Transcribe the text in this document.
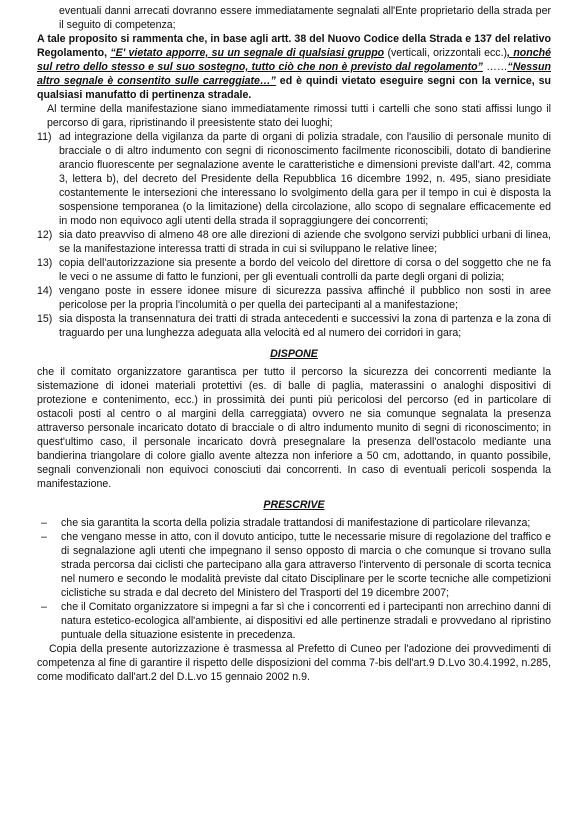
eventuali danni arrecati dovranno essere immediatamente segnalati all'Ente proprietario della strada per il seguito di competenza;

A tale proposito si rammenta che, in base agli artt. 38 del Nuovo Codice della Strada e 137 del relativo Regolamento, “E' vietato apporre, su un segnale di qualsiasi gruppo (verticali, orizzontali ecc.), nonché sul retro dello stesso e sul suo sostegno, tutto ciò che non è previsto dal regolamento” ……“Nessun altro segnale è consentito sulle carreggiate…” ed è quindi vietato eseguire segni con la vernice, su qualsiasi manufatto di pertinenza stradale.

Al termine della manifestazione siano immediatamente rimossi tutti i cartelli che sono stati affissi lungo il percorso di gara, ripristinando il preesistente stato dei luoghi;

11) ad integrazione della vigilanza da parte di organi di polizia stradale, con l'ausilio di personale munito di bracciale o di altro indumento con segni di riconoscimento facilmente riconoscibili, dotato di bandierine arancio fluorescente per segnalazione avente le caratteristiche e dimensioni previste dall'art. 42, comma 3, lettera b), del decreto del Presidente della Repubblica 16 dicembre 1992, n. 495, siano presidiate costantemente le intersezioni che interessano lo svolgimento della gara per il tempo in cui è disposta la sospensione temporanea (o la limitazione) della circolazione, allo scopo di segnalare efficacemente ed in modo non equivoco agli utenti della strada il sopraggiungere dei concorrenti;
12) sia dato preavviso di almeno 48 ore alle direzioni di aziende che svolgono servizi pubblici urbani di linea, se la manifestazione interessa tratti di strada in cui si sviluppano le relative linee;
13) copia dell'autorizzazione sia presente a bordo del veicolo del direttore di corsa o del soggetto che ne fa le veci o ne assume di fatto le funzioni, per gli eventuali controlli da parte degli organi di polizia;
14) vengano poste in essere idonee misure di sicurezza passiva affinché il pubblico non sosti in aree pericolose per la propria l'incolumità o per quella dei partecipanti al a manifestazione;
15) sia disposta la transennatura dei tratti di strada antecedenti e successivi la zona di partenza e la zona di traguardo per una lunghezza adeguata alla velocità ed al numero dei corridori in gara;
DISPONE

che il comitato organizzatore garantisca per tutto il percorso la sicurezza dei concorrenti mediante la sistemazione di idonei materiali protettivi (es. di balle di paglia, materassini o analoghi dispositivi di protezione e contenimento, ecc.) in prossimità dei punti più pericolosi del percorso (ed in particolare di ostacoli posti al centro o al margini della carreggiata) ovvero ne sia comunque segnalata la presenza attraverso personale incaricato dotato di bracciale o di altro indumento munito di segni di riconoscimento; in quest'ultimo caso, il personale incaricato dovrà presegnalare la presenza dell'ostacolo mediante una bandierina triangolare di colore giallo avente altezza non inferiore a 50 cm, adottando, in quanto possibile, segnali convenzionali non equivoci conosciuti dai concorrenti. In caso di eventuali pericoli sospenda la manifestazione.

PRESCRIVE
–	che sia garantita la scorta della polizia stradale trattandosi di manifestazione di particolare rilevanza;
–	che vengano messe in atto, con il dovuto anticipo, tutte le necessarie misure di regolazione del traffico e di segnalazione agli utenti che impegnano il senso opposto di marcia o che comunque si trovano sulla strada percorsa dai ciclisti che partecipano alla gara attraverso l'intervento di personale di scorta tecnica nel numero e secondo le modalità previste dal citato Disciplinare per le scorte tecniche alle competizioni ciclistiche su strada e dal decreto del Ministero del Trasporti del 19 dicembre 2007;
–	che il Comitato organizzatore si impegni a far sì che i concorrenti ed i partecipanti non arrechino danni di natura estetico-ecologica all'ambiente, ai dispositivi ed alle pertinenze stradali e provvedano al ripristino puntuale della situazione esistente in precedenza.

Copia della presente autorizzazione è trasmessa al Prefetto di Cuneo per l'adozione dei provvedimenti di competenza al fine di garantire il rispetto delle disposizioni del comma 7-bis dell'art.9 D.Lvo 30.4.1992, n.285, come modificato dall'art.2 del D.L.vo 15 gennaio 2002 n.9.
